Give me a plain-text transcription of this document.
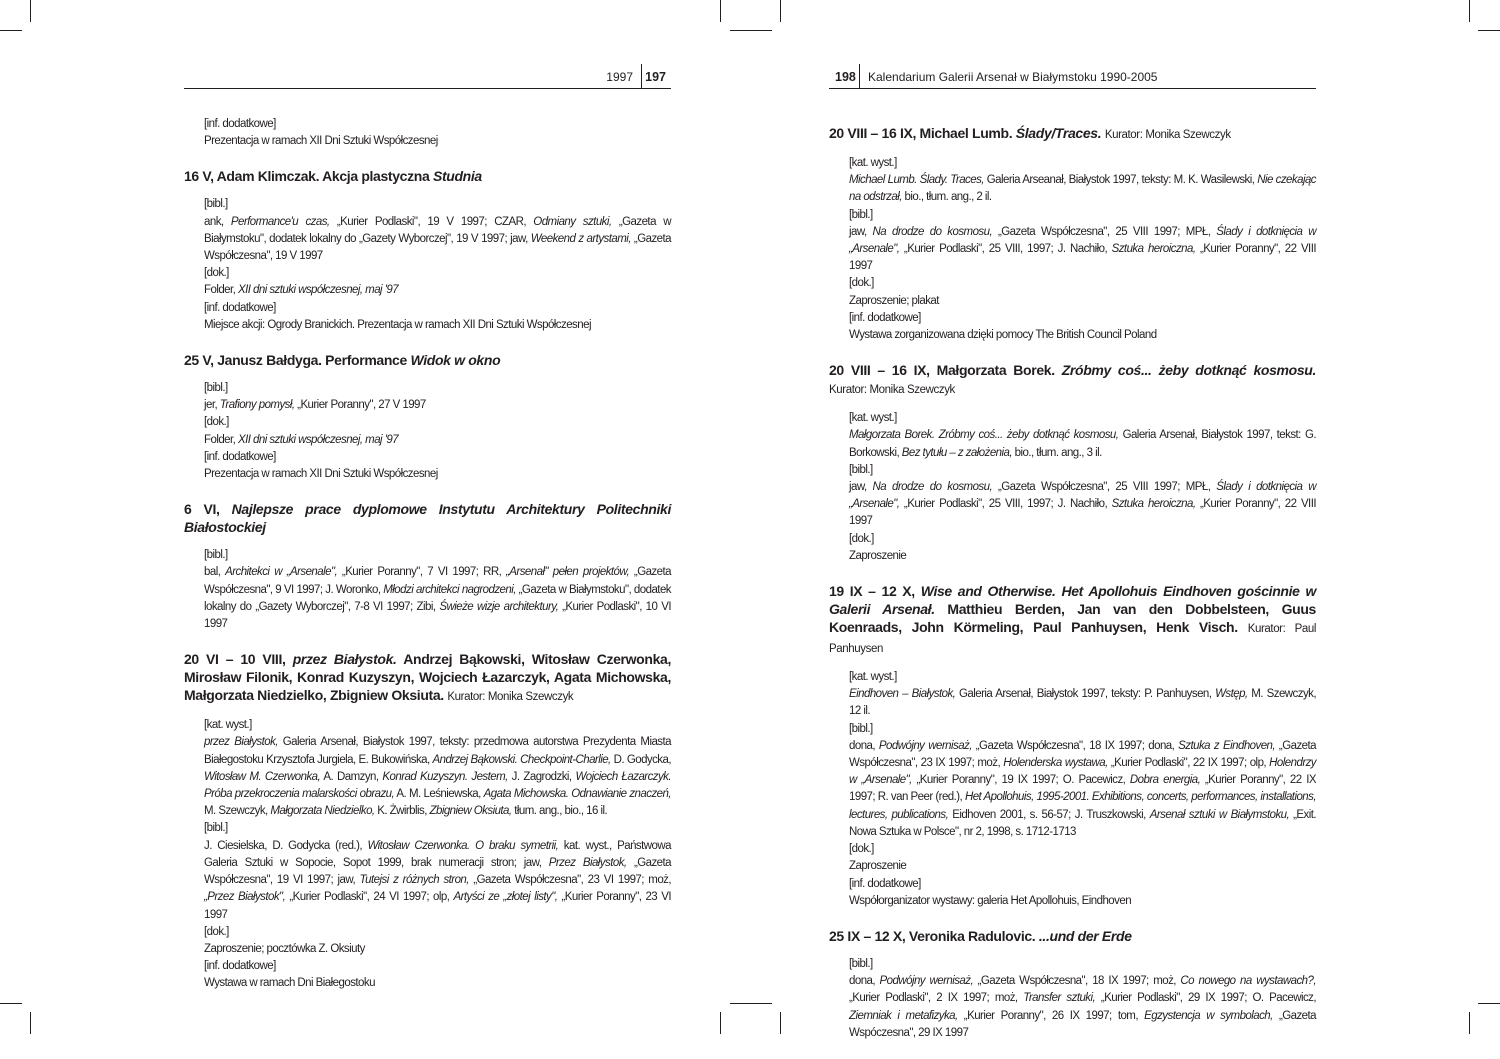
1997 197

[inf. dodatkowe]

Prezentacja w ramach XII Dni Sztuki Współczesnej

16 V, Adam Klimczak. Akcja plastyczna Studnia

[bibl.]

ank, Performance'u czas, „Kurier Podlaski", 19 V 1997; CZAR, Odmiany sztuki, „Gazeta w Białymstoku", dodatek lokalny do „Gazety Wyborczej", 19 V 1997; jaw, Weekend z artystami, „Gazeta Współczesna", 19 V 1997

[dok.]

Folder, XII dni sztuki współczesnej, maj '97

[inf. dodatkowe]

Miejsce akcji: Ogrody Branickich. Prezentacja w ramach XII Dni Sztuki Współczesnej

25 V, Janusz Bałdyga. Performance Widok w okno

[bibl.]

jer, Trafiony pomysł, „Kurier Poranny", 27 V 1997

[dok.]

Folder, XII dni sztuki współczesnej, maj '97

[inf. dodatkowe]

Prezentacja w ramach XII Dni Sztuki Współczesnej

6 VI, Najlepsze prace dyplomowe Instytutu Architektury Politechniki Białostockiej

[bibl.]

bal, Architekci w „Arsenale", „Kurier Poranny", 7 VI 1997; RR, „Arsenał" pełen projektów, „Gazeta Współczesna", 9 VI 1997; J. Woronko, Młodzi architekci nagrodzeni, „Gazeta w Białymstoku", dodatek lokalny do „Gazety Wyborczej", 7-8 VI 1997; Zibi, Świeże wizje architektury, „Kurier Podlaski", 10 VI 1997

20 VI – 10 VIII, przez Białystok. Andrzej Bąkowski, Witosław Czerwonka, Mirosław Filonik, Konrad Kuzyszyn, Wojciech Łazarczyk, Agata Michowska, Małgorzata Niedzielko, Zbigniew Oksiuta. Kurator: Monika Szewczyk

[kat. wyst.]

przez Białystok, Galeria Arsenał, Białystok 1997, teksty: przedmowa autorstwa Prezydenta Miasta Białegostoku Krzysztofa Jurgiela, E. Bukowińska, Andrzej Bąkowski. Checkpoint-Charlie, D. Godycka, Witosław M. Czerwonka, A. Damzyn, Konrad Kuzyszyn. Jestem, J. Zagrodzki, Wojciech Łazarczyk. Próba przekroczenia malarskości obrazu, A. M. Leśniewska, Agata Michowska. Odnawianie znaczeń, M. Szewczyk, Małgorzata Niedzielko, K. Żwirblis, Zbigniew Oksiuta, tłum. ang., bio., 16 il.

[bibl.]

J. Ciesielska, D. Godycka (red.), Witosław Czerwonka. O braku symetrii, kat. wyst., Państwowa Galeria Sztuki w Sopocie, Sopot 1999, brak numeracji stron; jaw, Przez Białystok, „Gazeta Współczesna", 19 VI 1997; jaw, Tutejsi z różnych stron, „Gazeta Współczesna", 23 VI 1997; moż, „Przez Białystok", „Kurier Podlaski", 24 VI 1997; olp, Artyści ze „złotej listy", „Kurier Poranny", 23 VI 1997

[dok.]

Zaproszenie; pocztówka Z. Oksiuty

[inf. dodatkowe]

Wystawa w ramach Dni Białegostoku

198 Kalendarium Galerii Arsenał w Białymstoku 1990-2005
20 VIII – 16 IX, Michael Lumb. Ślady/Traces. Kurator: Monika Szewczyk

[kat. wyst.]

Michael Lumb. Ślady. Traces, Galeria Arseanał, Białystok 1997, teksty: M. K. Wasilewski, Nie czekając na odstrzał, bio., tłum. ang., 2 il.

[bibl.]

jaw, Na drodze do kosmosu, „Gazeta Współczesna", 25 VIII 1997; MPŁ, Ślady i dotknięcia w „Arsenale", „Kurier Podlaski", 25 VIII, 1997; J. Nachiło, Sztuka heroiczna, „Kurier Poranny", 22 VIII 1997

[dok.]

Zaproszenie; plakat

[inf. dodatkowe]

Wystawa zorganizowana dzięki pomocy The British Council Poland

20 VIII – 16 IX, Małgorzata Borek. Zróbmy coś... żeby dotknąć kosmosu. Kurator: Monika Szewczyk

[kat. wyst.]

Małgorzata Borek. Zróbmy coś... żeby dotknąć kosmosu, Galeria Arsenał, Białystok 1997, tekst: G. Borkowski, Bez tytułu – z założenia, bio., tłum. ang., 3 il.

[bibl.]

jaw, Na drodze do kosmosu, „Gazeta Współczesna", 25 VIII 1997; MPŁ, Ślady i dotknięcia w „Arsenale", „Kurier Podlaski", 25 VIII, 1997; J. Nachiło, Sztuka heroiczna, „Kurier Poranny", 22 VIII 1997

[dok.]

Zaproszenie

19 IX – 12 X, Wise and Otherwise. Het Apollohuis Eindhoven gościnnie w Galerii Arsenał. Matthieu Berden, Jan van den Dobbelsteen, Guus Koenraads, John Körmeling, Paul Panhuysen, Henk Visch. Kurator: Paul Panhuysen

[kat. wyst.]

Eindhoven – Białystok, Galeria Arsenał, Białystok 1997, teksty: P. Panhuysen, Wstęp, M. Szewczyk, 12 il.

[bibl.]

dona, Podwójny wernisaż, „Gazeta Współczesna", 18 IX 1997; dona, Sztuka z Eindhoven, „Gazeta Współczesna", 23 IX 1997; moż, Holenderska wystawa, „Kurier Podlaski", 22 IX 1997; olp, Holendrzy w „Arsenale", „Kurier Poranny", 19 IX 1997; O. Pacewicz, Dobra energia, „Kurier Poranny", 22 IX 1997; R. van Peer (red.), Het Apollohuis, 1995-2001. Exhibitions, concerts, performances, installations, lectures, publications, Eidhoven 2001, s. 56-57; J. Truszkowski, Arsenał sztuki w Białymstoku, „Exit. Nowa Sztuka w Polsce", nr 2, 1998, s. 1712-1713

[dok.]

Zaproszenie

[inf. dodatkowe]

Współorganizator wystawy: galeria Het Apollohuis, Eindhoven

25 IX – 12 X, Veronika Radulovic. ...und der Erde

[bibl.]

dona, Podwójny wernisaż, „Gazeta Współczesna", 18 IX 1997; moż, Co nowego na wystawach?, „Kurier Podlaski", 2 IX 1997; moż, Transfer sztuki, „Kurier Podlaski", 29 IX 1997; O. Pacewicz, Ziemniak i metafizyka, „Kurier Poranny", 26 IX 1997; tom, Egzystencja w symbolach, „Gazeta Wspóczesna", 29 IX 1997
